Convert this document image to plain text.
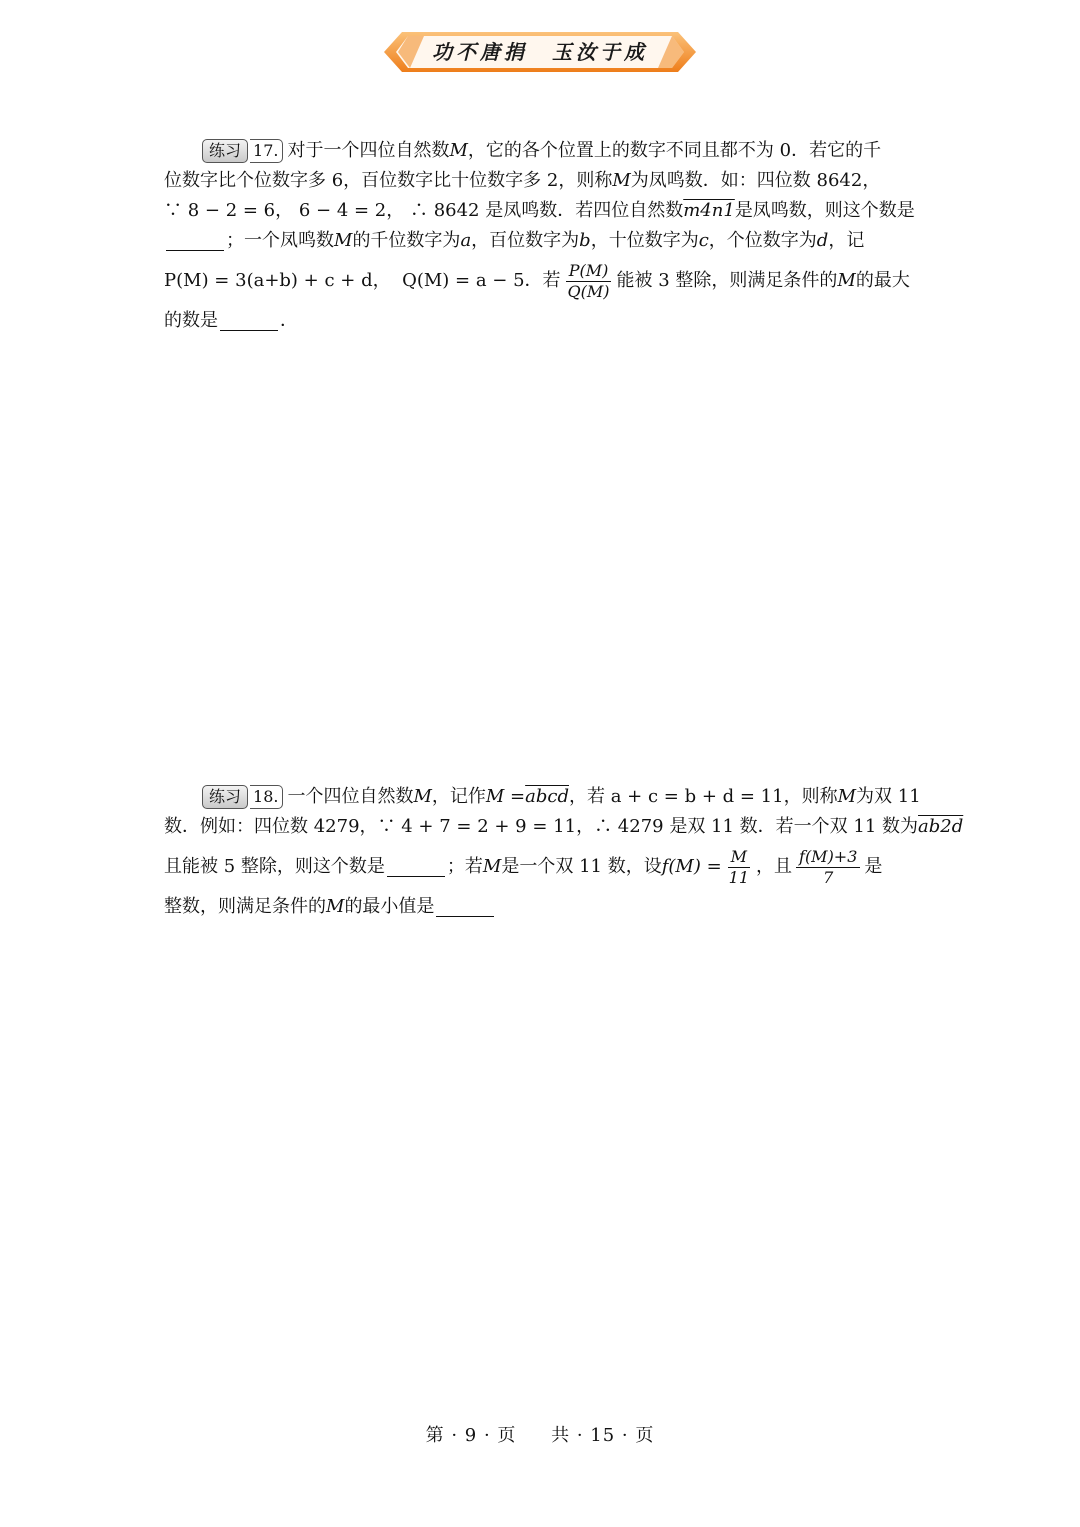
功不唐捐　玉汝于成
练习 17. 对于一个四位自然数 M ，它的各个位置上的数字不同且都不为 0．若它的千
位数字比个位数字多 6，百位数字比十位数字多 2，则称 M 为凤鸣数．如：四位数 8642，
∵ 8 − 2 = 6， 6 − 4 = 2， ∴ 8642 是凤鸣数．若四位自然数 m4n1 是凤鸣数，则这个数是
；一个凤鸣数 M 的千位数字为 a ，百位数字为 b ，十位数字为 c ，个位数字为 d ，记
P(M) = 3(a+b) + c + d，
Q(M) = a − 5．若 $\frac{P(M)}{Q(M)}$ 能被 3 整除，则满足条件的 M 的最大
的数是	．
练习 18. 一个四位自然数 M ，记作 M = abcd ，若 a + c = b + d = 11，则称 M 为双 11
数．例如：四位数 4279，∵ 4 + 7 = 2 + 9 = 11，∴ 4279 是双 11 数．若一个双 11 数为 ab2d
且能被 5 整除，则这个数是	；若 M 是一个双 11 数，设 $f(M) = \frac{M}{11}$ ，且 $\frac{f(M)+3}{7}$ 是
整数，则满足条件的 M 的最小值是
第 · 9 · 页 共 · 15 · 页
